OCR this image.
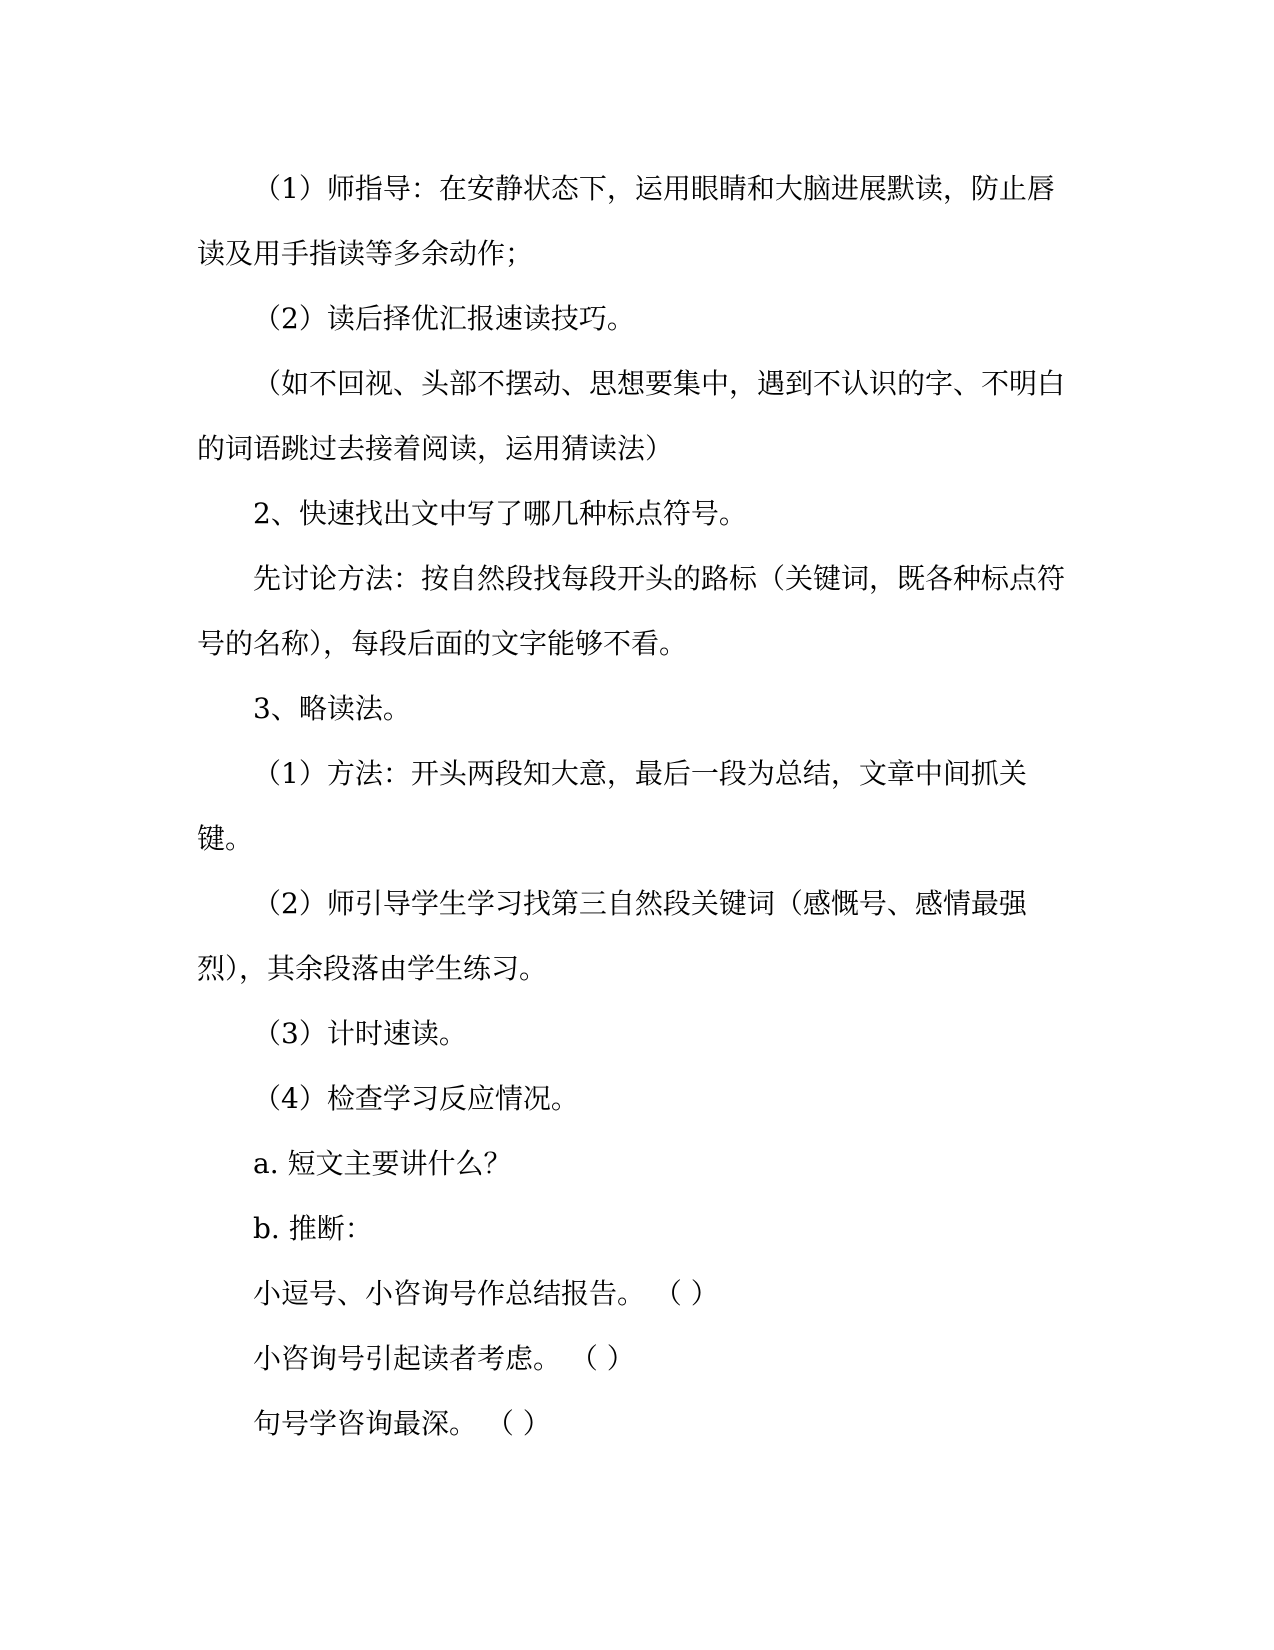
（1）师指导：在安静状态下，运用眼睛和大脑进展默读，防止唇读及用手指读等多余动作；

（2）读后择优汇报速读技巧。

（如不回视、头部不摆动、思想要集中，遇到不认识的字、不明白的词语跳过去接着阅读，运用猜读法）

2、快速找出文中写了哪几种标点符号。

先讨论方法：按自然段找每段开头的路标（关键词，既各种标点符号的名称），每段后面的文字能够不看。

3、略读法。

（1）方法：开头两段知大意，最后一段为总结，文章中间抓关键。

（2）师引导学生学习找第三自然段关键词（感慨号、感情最强烈），其余段落由学生练习。

（3）计时速读。

（4）检查学习反应情况。

a. 短文主要讲什么？

b. 推断：

小逗号、小咨询号作总结报告。 （ ）

小咨询号引起读者考虑。 （ ）

句号学咨询最深。 （ ）
